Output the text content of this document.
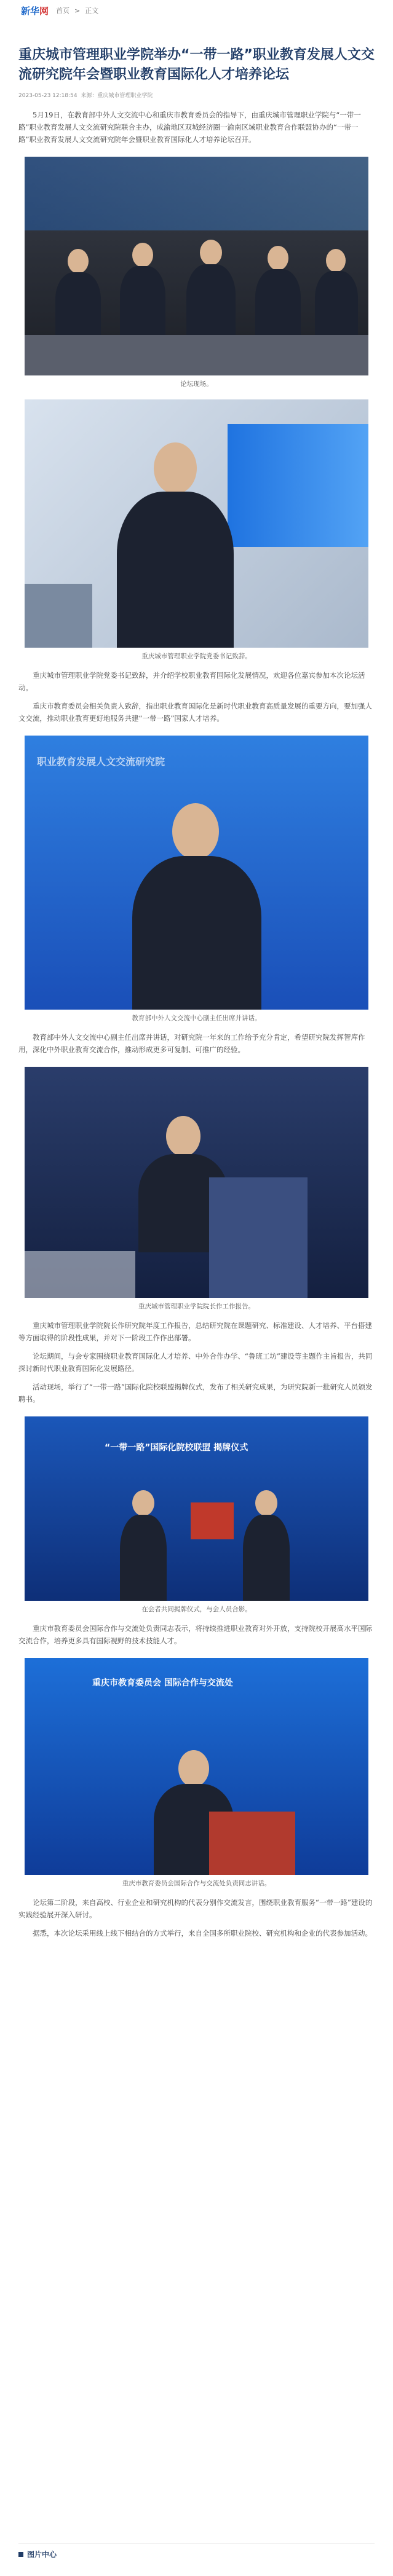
新华网	首页 > 正文
重庆城市管理职业学院举办“一带一路”职业教育发展人文交流研究院年会暨职业教育国际化人才培养论坛
2023-05-23 12:18:54 来源：重庆城市管理职业学院

5月19日，在教育部中外人文交流中心和重庆市教育委员会的指导下，由重庆城市管理职业学院与“一带一路”职业教育发展人文交流研究院联合主办，成渝地区双城经济圈一渝南区域职业教育合作联盟协办的“一带一路”职业教育发展人文交流研究院年会暨职业教育国际化人才培养论坛召开。

论坛现场。
重庆城市管理职业学院党委书记致辞。

重庆城市管理职业学院党委书记致辞，并介绍学校职业教育国际化发展情况，欢迎各位嘉宾参加本次论坛活动。

重庆市教育委员会相关负责人致辞，指出职业教育国际化是新时代职业教育高质量发展的重要方向，要加强人文交流，推动职业教育更好地服务共建“一带一路”国家人才培养。

职业教育发展人文交流研究院
教育部中外人文交流中心副主任出席并讲话。

教育部中外人文交流中心副主任出席并讲话，对研究院一年来的工作给予充分肯定，希望研究院发挥智库作用，深化中外职业教育交流合作，推动形成更多可复制、可推广的经验。

重庆城市管理职业学院院长作工作报告。

重庆城市管理职业学院院长作研究院年度工作报告，总结研究院在课题研究、标准建设、人才培养、平台搭建等方面取得的阶段性成果，并对下一阶段工作作出部署。

论坛期间，与会专家围绕职业教育国际化人才培养、中外合作办学、“鲁班工坊”建设等主题作主旨报告，共同探讨新时代职业教育国际化发展路径。

活动现场，举行了“一带一路”国际化院校联盟揭牌仪式，发布了相关研究成果，为研究院新一批研究人员颁发聘书。

“一带一路”国际化院校联盟 揭牌仪式
在会者共同揭牌仪式，与会人员合影。

重庆市教育委员会国际合作与交流处负责同志表示，将持续推进职业教育对外开放，支持院校开展高水平国际交流合作，培养更多具有国际视野的技术技能人才。

重庆市教育委员会 国际合作与交流处
重庆市教育委员会国际合作与交流处负责同志讲话。

论坛第二阶段，来自高校、行业企业和研究机构的代表分别作交流发言，围绕职业教育服务“一带一路”建设的实践经验展开深入研讨。

据悉，本次论坛采用线上线下相结合的方式举行，来自全国多所职业院校、研究机构和企业的代表参加活动。

图片中心
